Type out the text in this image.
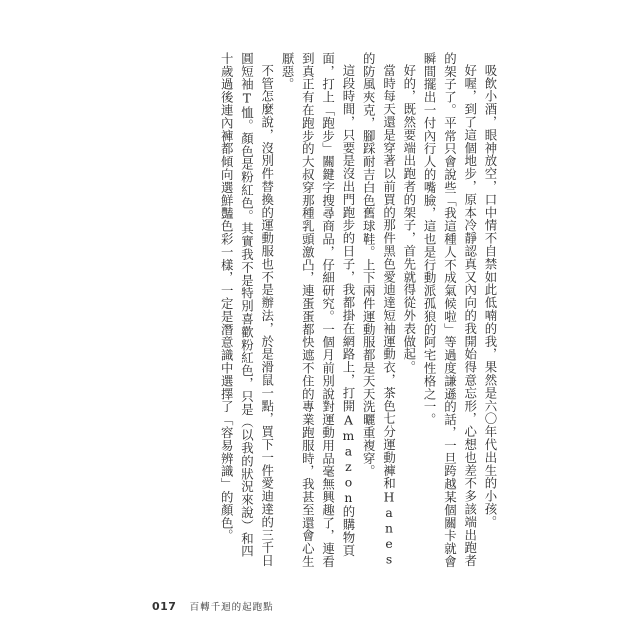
吸飲小酒，眼神放空，口中情不自禁如此低喃的我，果然是六〇年代出生的小孩。

好喔，到了這個地步，原本冷靜認真又內向的我開始得意忘形，心想也差不多該端出跑者的架子了。平常只會說些「我這種人不成氣候啦」等過度謙遜的話，一旦跨越某個關卡就會瞬間擺出一付內行人的嘴臉，這也是行動派孤狼的阿宅性格之一。

好的，既然要端出跑者的架子，首先就得從外表做起。

當時每天還是穿著以前買的那件黑色愛迪達短袖運動衣，茶色七分運動褲和Hanes的防風夾克，腳踩耐吉白色舊球鞋。上下兩件運動服都是天天洗曬重複穿。

這段時間，只要是沒出門跑步的日子，我都掛在網路上，打開Amazon的購物頁面，打上「跑步」關鍵字搜尋商品，仔細研究。一個月前別說對運動用品毫無興趣了，連看到真正有在跑步的大叔穿那種乳頭激凸，連蛋蛋都快遮不住的專業跑服時，我甚至還會心生厭惡。

不管怎麼說，沒別件替換的運動服也不是辦法，於是滑鼠一點，買下一件愛迪達的三千日圓短袖T恤。顏色是粉紅色。其實我不是特別喜歡粉紅色，只是（以我的狀況來說）和四十歲過後連內褲都傾向選鮮豔色彩一樣，一定是潛意識中選擇了「容易辨識」的顏色。

017 百轉千迴的起跑點
